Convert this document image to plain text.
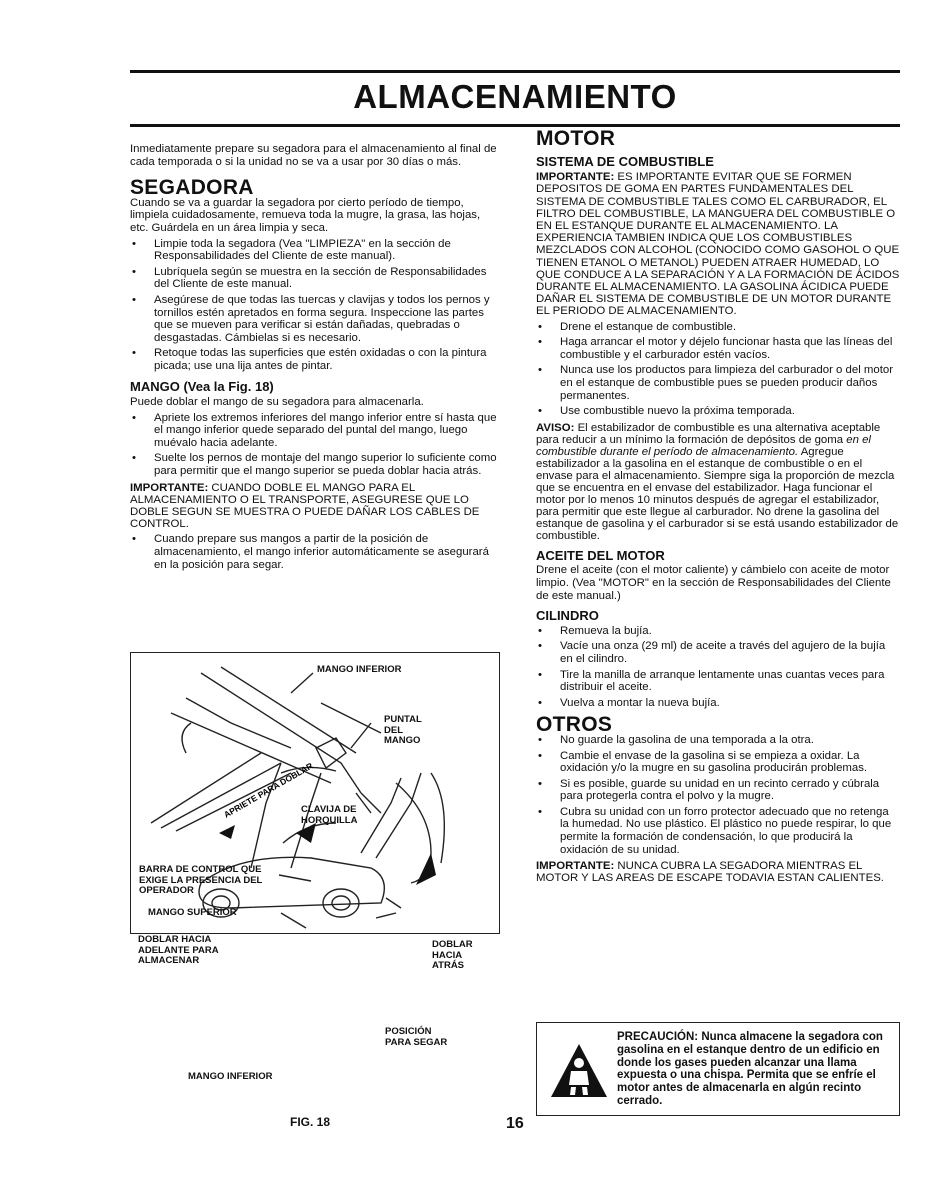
ALMACENAMIENTO

Inmediatamente prepare su segadora para el almacenamiento al final de cada temporada o si la unidad no se va a usar por 30 días o más.

SEGADORA

Cuando se va a guardar la segadora por cierto período de tiempo, limpiela cuidadosamente, remueva toda la mugre, la grasa, las hojas, etc. Guárdela en un área limpia y seca.

• Limpie toda la segadora (Vea "LIMPIEZA" en la sección de Responsabilidades del Cliente de este manual).
• Lubríquela según se muestra en la sección de Responsabilidades del Cliente de este manual.
• Asegúrese de que todas las tuercas y clavijas y todos los pernos y tornillos estén apretados en forma segura. Inspeccione las partes que se mueven para verificar si están dañadas, quebradas o desgastadas. Cámbielas si es necesario.
• Retoque todas las superficies que estén oxidadas o con la pintura picada; use una lija antes de pintar.
MANGO (Vea la Fig. 18)

Puede doblar el mango de su segadora para almacenarla.

• Apriete los extremos inferiores del mango inferior entre sí hasta que el mango inferior quede separado del puntal del mango, luego muévalo hacia adelante.
• Suelte los pernos de montaje del mango superior lo suficiente como para permitir que el mango superior se pueda doblar hacia atrás.

IMPORTANTE: CUANDO DOBLE EL MANGO PARA EL ALMACENAMIENTO O EL TRANSPORTE, ASEGURESE QUE LO DOBLE SEGUN SE MUESTRA O PUEDE DAÑAR LOS CABLES DE CONTROL.

• Cuando prepare sus mangos a partir de la posición de almacenamiento, el mango inferior automáticamente se asegurará en la posición para segar.
APRIETE PARA DOBLAR
MANGO INFERIOR
PUNTAL
DEL
MANGO
CLAVIJA DE
HORQUILLA
BARRA DE CONTROL QUE
EXIGE LA PRESENCIA DEL
OPERADOR
MANGO SUPERIOR
DOBLAR HACIA
ADELANTE PARA
ALMACENAR
DOBLAR
HACIA
ATRÁS
POSICIÓN
PARA SEGAR
MANGO INFERIOR
FIG. 18
MOTOR
SISTEMA DE COMBUSTIBLE

IMPORTANTE: ES IMPORTANTE EVITAR QUE SE FORMEN DEPOSITOS DE GOMA EN PARTES FUNDAMENTALES DEL SISTEMA DE COMBUSTIBLE TALES COMO EL CARBURADOR, EL FILTRO DEL COMBUSTIBLE, LA MANGUERA DEL COMBUSTIBLE O EN EL ESTANQUE DURANTE EL ALMACENAMIENTO. LA EXPERIENCIA TAMBIEN INDICA QUE LOS COMBUSTIBLES MEZCLADOS CON ALCOHOL (CONOCIDO COMO GASOHOL O QUE TIENEN ETANOL O METANOL) PUEDEN ATRAER HUMEDAD, LO QUE CONDUCE A LA SEPARACIÓN Y A LA FORMACIÓN DE ÁCIDOS DURANTE EL ALMACENAMIENTO. LA GASOLINA ÁCIDICA PUEDE DAÑAR EL SISTEMA DE COMBUSTIBLE DE UN MOTOR DURANTE EL PERIODO DE ALMACENAMIENTO.

• Drene el estanque de combustible.
• Haga arrancar el motor y déjelo funcionar hasta que las líneas del combustible y el carburador estén vacíos.
• Nunca use los productos para limpieza del carburador o del motor en el estanque de combustible pues se pueden producir daños permanentes.
• Use combustible nuevo la próxima temporada.

AVISO: El estabilizador de combustible es una alternativa aceptable para reducir a un mínimo la formación de depósitos de goma en el combustible durante el período de almacenamiento. Agregue estabilizador a la gasolina en el estanque de combustible o en el envase para el almacenamiento. Siempre siga la proporción de mezcla que se encuentra en el envase del estabilizador. Haga funcionar el motor por lo menos 10 minutos después de agregar el estabilizador, para permitir que este llegue al carburador. No drene la gasolina del estanque de gasolina y el carburador si se está usando estabilizador de combustible.

ACEITE DEL MOTOR

Drene el aceite (con el motor caliente) y cámbielo con aceite de motor limpio. (Vea "MOTOR" en la sección de Responsabilidades del Cliente de este manual.)

CILINDRO
• Remueva la bujía.
• Vacíe una onza (29 ml) de aceite a través del agujero de la bujía en el cilindro.
• Tire la manilla de arranque lentamente unas cuantas veces para distribuir el aceite.
• Vuelva a montar la nueva bujía.
OTROS
• No guarde la gasolina de una temporada a la otra.
• Cambie el envase de la gasolina si se empieza a oxidar. La oxidación y/o la mugre en su gasolina producirán problemas.
• Si es posible, guarde su unidad en un recinto cerrado y cúbrala para protegerla contra el polvo y la mugre.
• Cubra su unidad con un forro protector adecuado que no retenga la humedad. No use plástico. El plástico no puede respirar, lo que permite la formación de condensación, lo que producirá la oxidación de su unidad.

IMPORTANTE: NUNCA CUBRA LA SEGADORA MIENTRAS EL MOTOR Y LAS AREAS DE ESCAPE TODAVIA ESTAN CALIENTES.

PRECAUCIÓN: Nunca almacene la segadora con gasolina en el estanque dentro de un edificio en donde los gases pueden alcanzar una llama expuesta o una chispa. Permita que se enfríe el motor antes de almacenarla en algún recinto cerrado.
16
